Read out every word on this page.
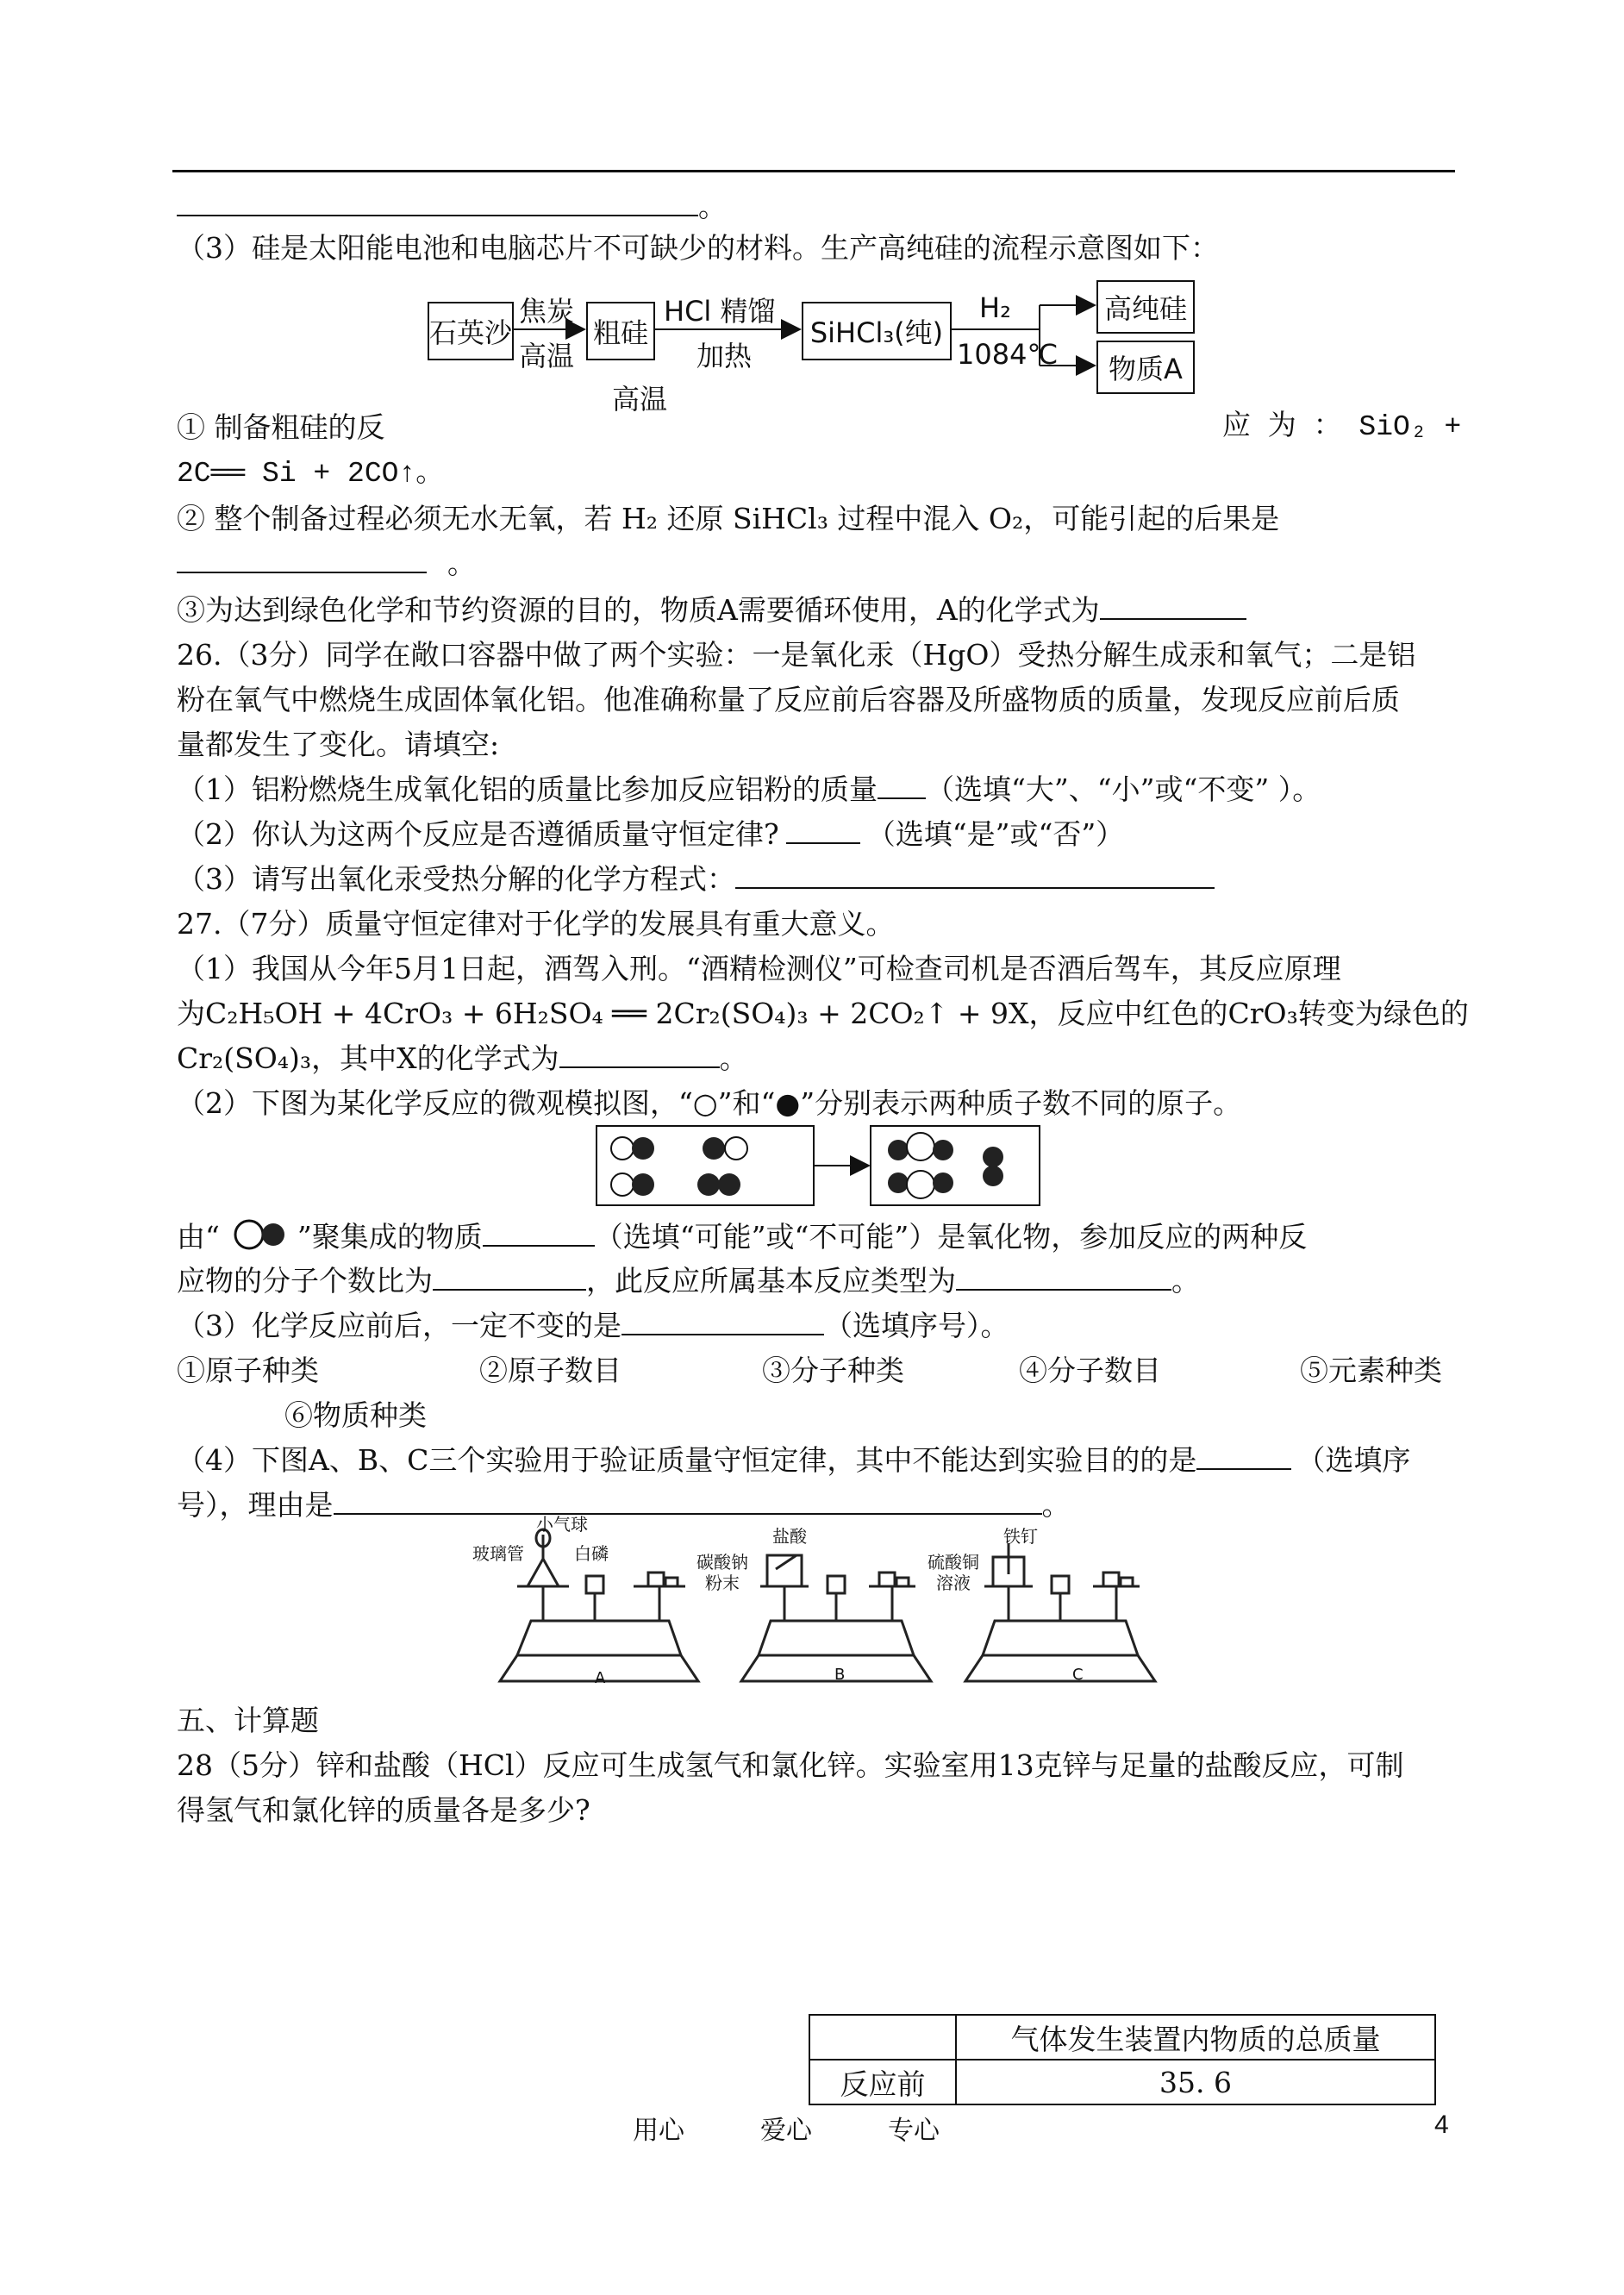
。
（3）硅是太阳能电池和电脑芯片不可缺少的材料。生产高纯硅的流程示意图如下：
石英沙	粗硅	SiHCl₃(纯)
高纯硅
物质A
焦炭
高温
HCl 精馏
加热
H₂
1084℃
高温
① 制备粗硅的反	应 为 ： SiO₂ +
2C══ Si + 2CO↑。
② 整个制备过程必须无水无氧，若 H₂ 还原 SiHCl₃ 过程中混入 O₂，可能引起的后果是
。
③为达到绿色化学和节约资源的目的，物质A需要循环使用，A的化学式为
26.（3分）同学在敞口容器中做了两个实验：一是氧化汞（HgO）受热分解生成汞和氧气；二是铝
粉在氧气中燃烧生成固体氧化铝。他准确称量了反应前后容器及所盛物质的质量，发现反应前后质
量都发生了变化。请填空:
（1）铝粉燃烧生成氧化铝的质量比参加反应铝粉的质量 （选填“大”、“小”或“不变” ）。
（2）你认为这两个反应是否遵循质量守恒定律?	（选填“是”或“否”）
（3）请写出氧化汞受热分解的化学方程式：
27.（7分）质量守恒定律对于化学的发展具有重大意义。
（1）我国从今年5月1日起，酒驾入刑。“酒精检测仪”可检查司机是否酒后驾车，其反应原理
为C₂H₅OH + 4CrO₃ + 6H₂SO₄ ══ 2Cr₂(SO₄)₃ + 2CO₂↑ + 9X，反应中红色的CrO₃转变为绿色的
Cr₂(SO₄)₃，其中X的化学式为	。
（2）下图为某化学反应的微观模拟图，“○”和“●”分别表示两种质子数不同的原子。
由“	”聚集成的物质	（选填“可能”或“不可能”）是氧化物，参加反应的两种反
应物的分子个数比为	，此反应所属基本反应类型为	。
（3）化学反应前后，一定不变的是	（选填序号）。
①原子种类	②原子数目	③分子种类	④分子数目	⑤元素种类
⑥物质种类
（4）下图A、B、C三个实验用于验证质量守恒定律，其中不能达到实验目的的是	（选填序
号），理由是	。
小气球
玻璃管	白磷
盐酸
碳酸钠
粉末
铁钉
硫酸铜
溶液
A	B	C
五、计算题
28（5分）锌和盐酸（HCl）反应可生成氢气和氯化锌。实验室用13克锌与足量的盐酸反应，可制
得氢气和氯化锌的质量各是多少?
	气体发生装置内物质的总质量
反应前	35. 6
用心	爱心	专心	4
